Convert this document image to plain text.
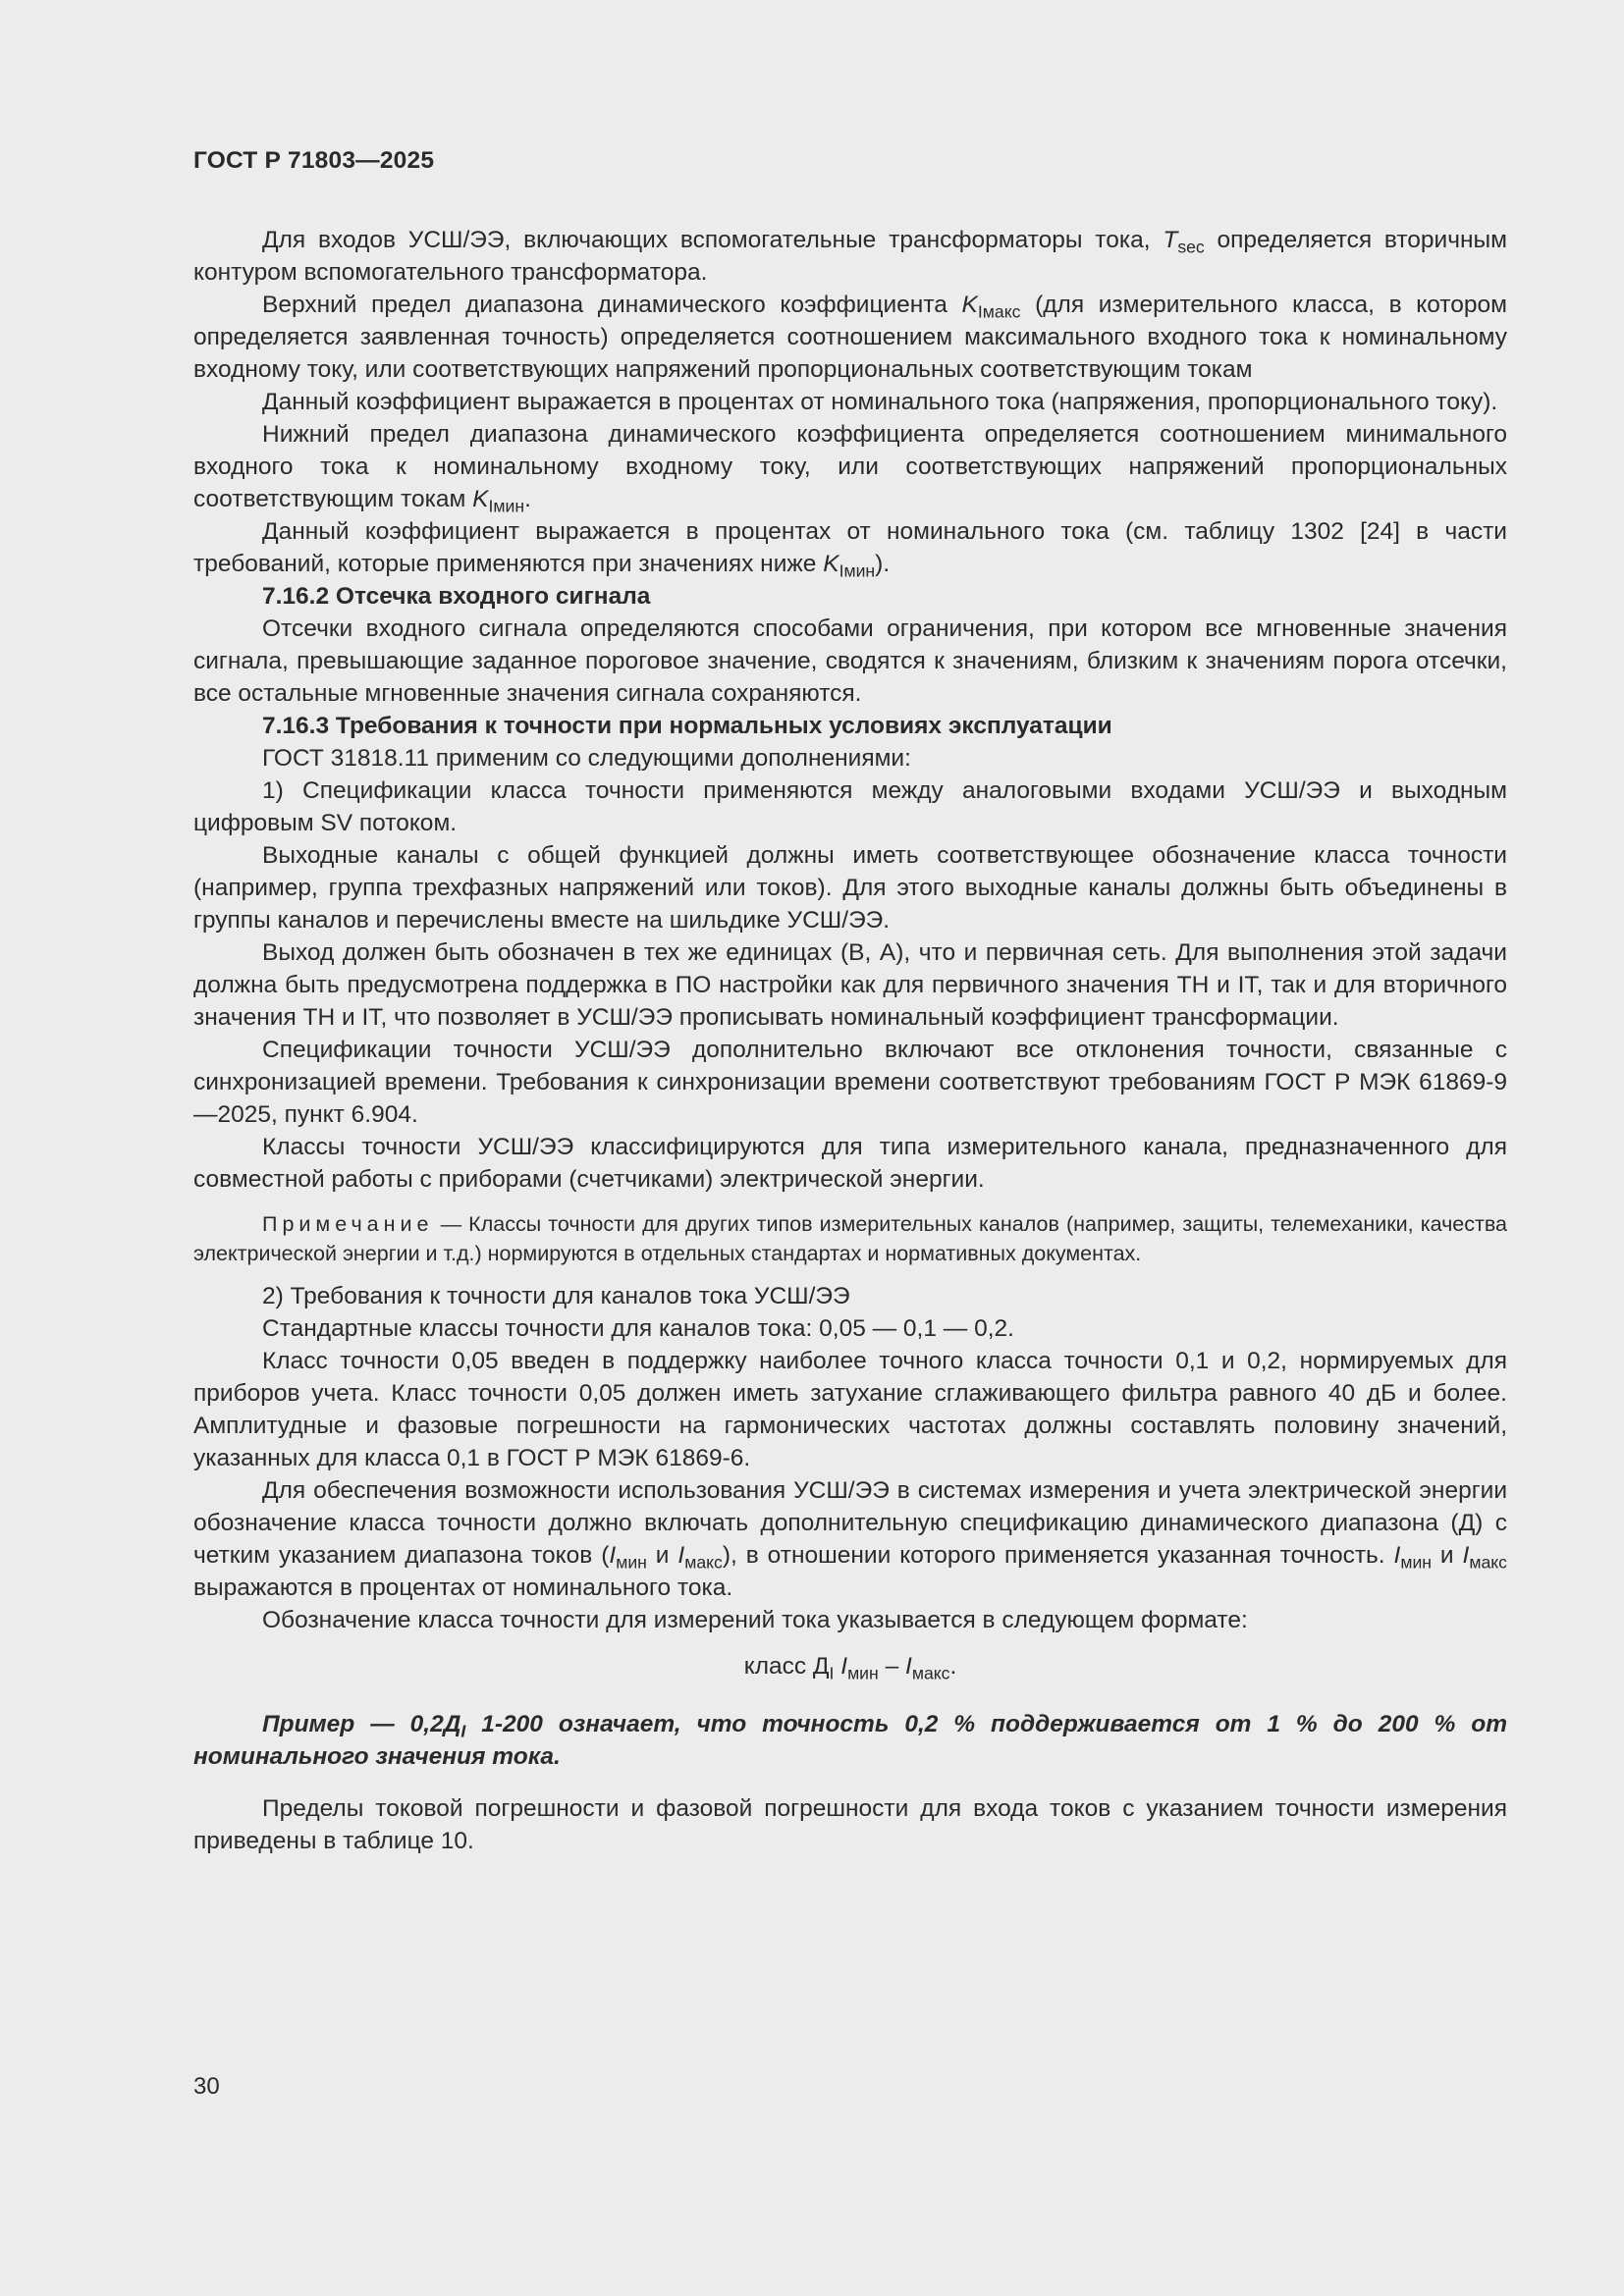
ГОСТ Р 71803—2025

Для входов УСШ/ЭЭ, включающих вспомогательные трансформаторы тока, $T_{sec}$ определяется вторичным контуром вспомогательного трансформатора.

Верхний предел диапазона динамического коэффициента $K_{Iмакс}$ (для измерительного класса, в котором определяется заявленная точность) определяется соотношением максимального входного тока к номинальному входному току, или соответствующих напряжений пропорциональных соответствующим токам

Данный коэффициент выражается в процентах от номинального тока (напряжения, пропорционального току).

Нижний предел диапазона динамического коэффициента определяется соотношением минимального входного тока к номинальному входному току, или соответствующих напряжений пропорциональных соответствующим токам $K_{Iмин}$.

Данный коэффициент выражается в процентах от номинального тока (см. таблицу 1302 [24] в части требований, которые применяются при значениях ниже $K_{Iмин}$).

7.16.2 Отсечка входного сигнала

Отсечки входного сигнала определяются способами ограничения, при котором все мгновенные значения сигнала, превышающие заданное пороговое значение, сводятся к значениям, близким к значениям порога отсечки, все остальные мгновенные значения сигнала сохраняются.

7.16.3 Требования к точности при нормальных условиях эксплуатации

ГОСТ 31818.11 применим со следующими дополнениями:

1) Спецификации класса точности применяются между аналоговыми входами УСШ/ЭЭ и выходным цифровым SV потоком.

Выходные каналы с общей функцией должны иметь соответствующее обозначение класса точности (например, группа трехфазных напряжений или токов). Для этого выходные каналы должны быть объединены в группы каналов и перечислены вместе на шильдике УСШ/ЭЭ.

Выход должен быть обозначен в тех же единицах (В, А), что и первичная сеть. Для выполнения этой задачи должна быть предусмотрена поддержка в ПО настройки как для первичного значения ТН и IT, так и для вторичного значения ТН и IT, что позволяет в УСШ/ЭЭ прописывать номинальный коэффициент трансформации.

Спецификации точности УСШ/ЭЭ дополнительно включают все отклонения точности, связанные с синхронизацией времени. Требования к синхронизации времени соответствуют требованиям ГОСТ Р МЭК 61869-9—2025, пункт 6.904.

Классы точности УСШ/ЭЭ классифицируются для типа измерительного канала, предназначенного для совместной работы с приборами (счетчиками) электрической энергии.

Примечание — Классы точности для других типов измерительных каналов (например, защиты, телемеханики, качества электрической энергии и т.д.) нормируются в отдельных стандартах и нормативных документах.

2) Требования к точности для каналов тока УСШ/ЭЭ

Стандартные классы точности для каналов тока: 0,05 — 0,1 — 0,2.

Класс точности 0,05 введен в поддержку наиболее точного класса точности 0,1 и 0,2, нормируемых для приборов учета. Класс точности 0,05 должен иметь затухание сглаживающего фильтра равного 40 дБ и более. Амплитудные и фазовые погрешности на гармонических частотах должны составлять половину значений, указанных для класса 0,1 в ГОСТ Р МЭК 61869-6.

Для обеспечения возможности использования УСШ/ЭЭ в системах измерения и учета электрической энергии обозначение класса точности должно включать дополнительную спецификацию динамического диапазона (Д) с четким указанием диапазона токов ($I_{мин}$ и $I_{макс}$), в отношении которого применяется указанная точность. $I_{мин}$ и $I_{макс}$ выражаются в процентах от номинального тока.

Обозначение класса точности для измерений тока указывается в следующем формате:

класс $Д_I$ $I_{мин} - I_{макс}$.

Пример — $0,2Д_I$ 1-200 означает, что точность 0,2 % поддерживается от 1 % до 200 % от номинального значения тока.

Пределы токовой погрешности и фазовой погрешности для входа токов с указанием точности измерения приведены в таблице 10.

30
